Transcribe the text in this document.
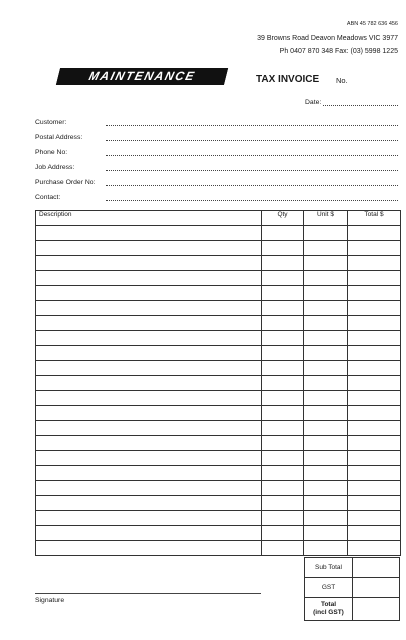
ABN 45 782 636 456
39 Browns Road Deavon Meadows VIC 3977
Ph 0407 870 348 Fax: (03) 5998 1225
MAINTENANCE	TAX INVOICE No.
Date:
Customer:
Postal Address:
Phone No:
Job Address:
Purchase Order No:
Contact:
Description	Qty	Unit $	Total $

Sub Total	
GST	

Total
(incl GST)	

Signature
